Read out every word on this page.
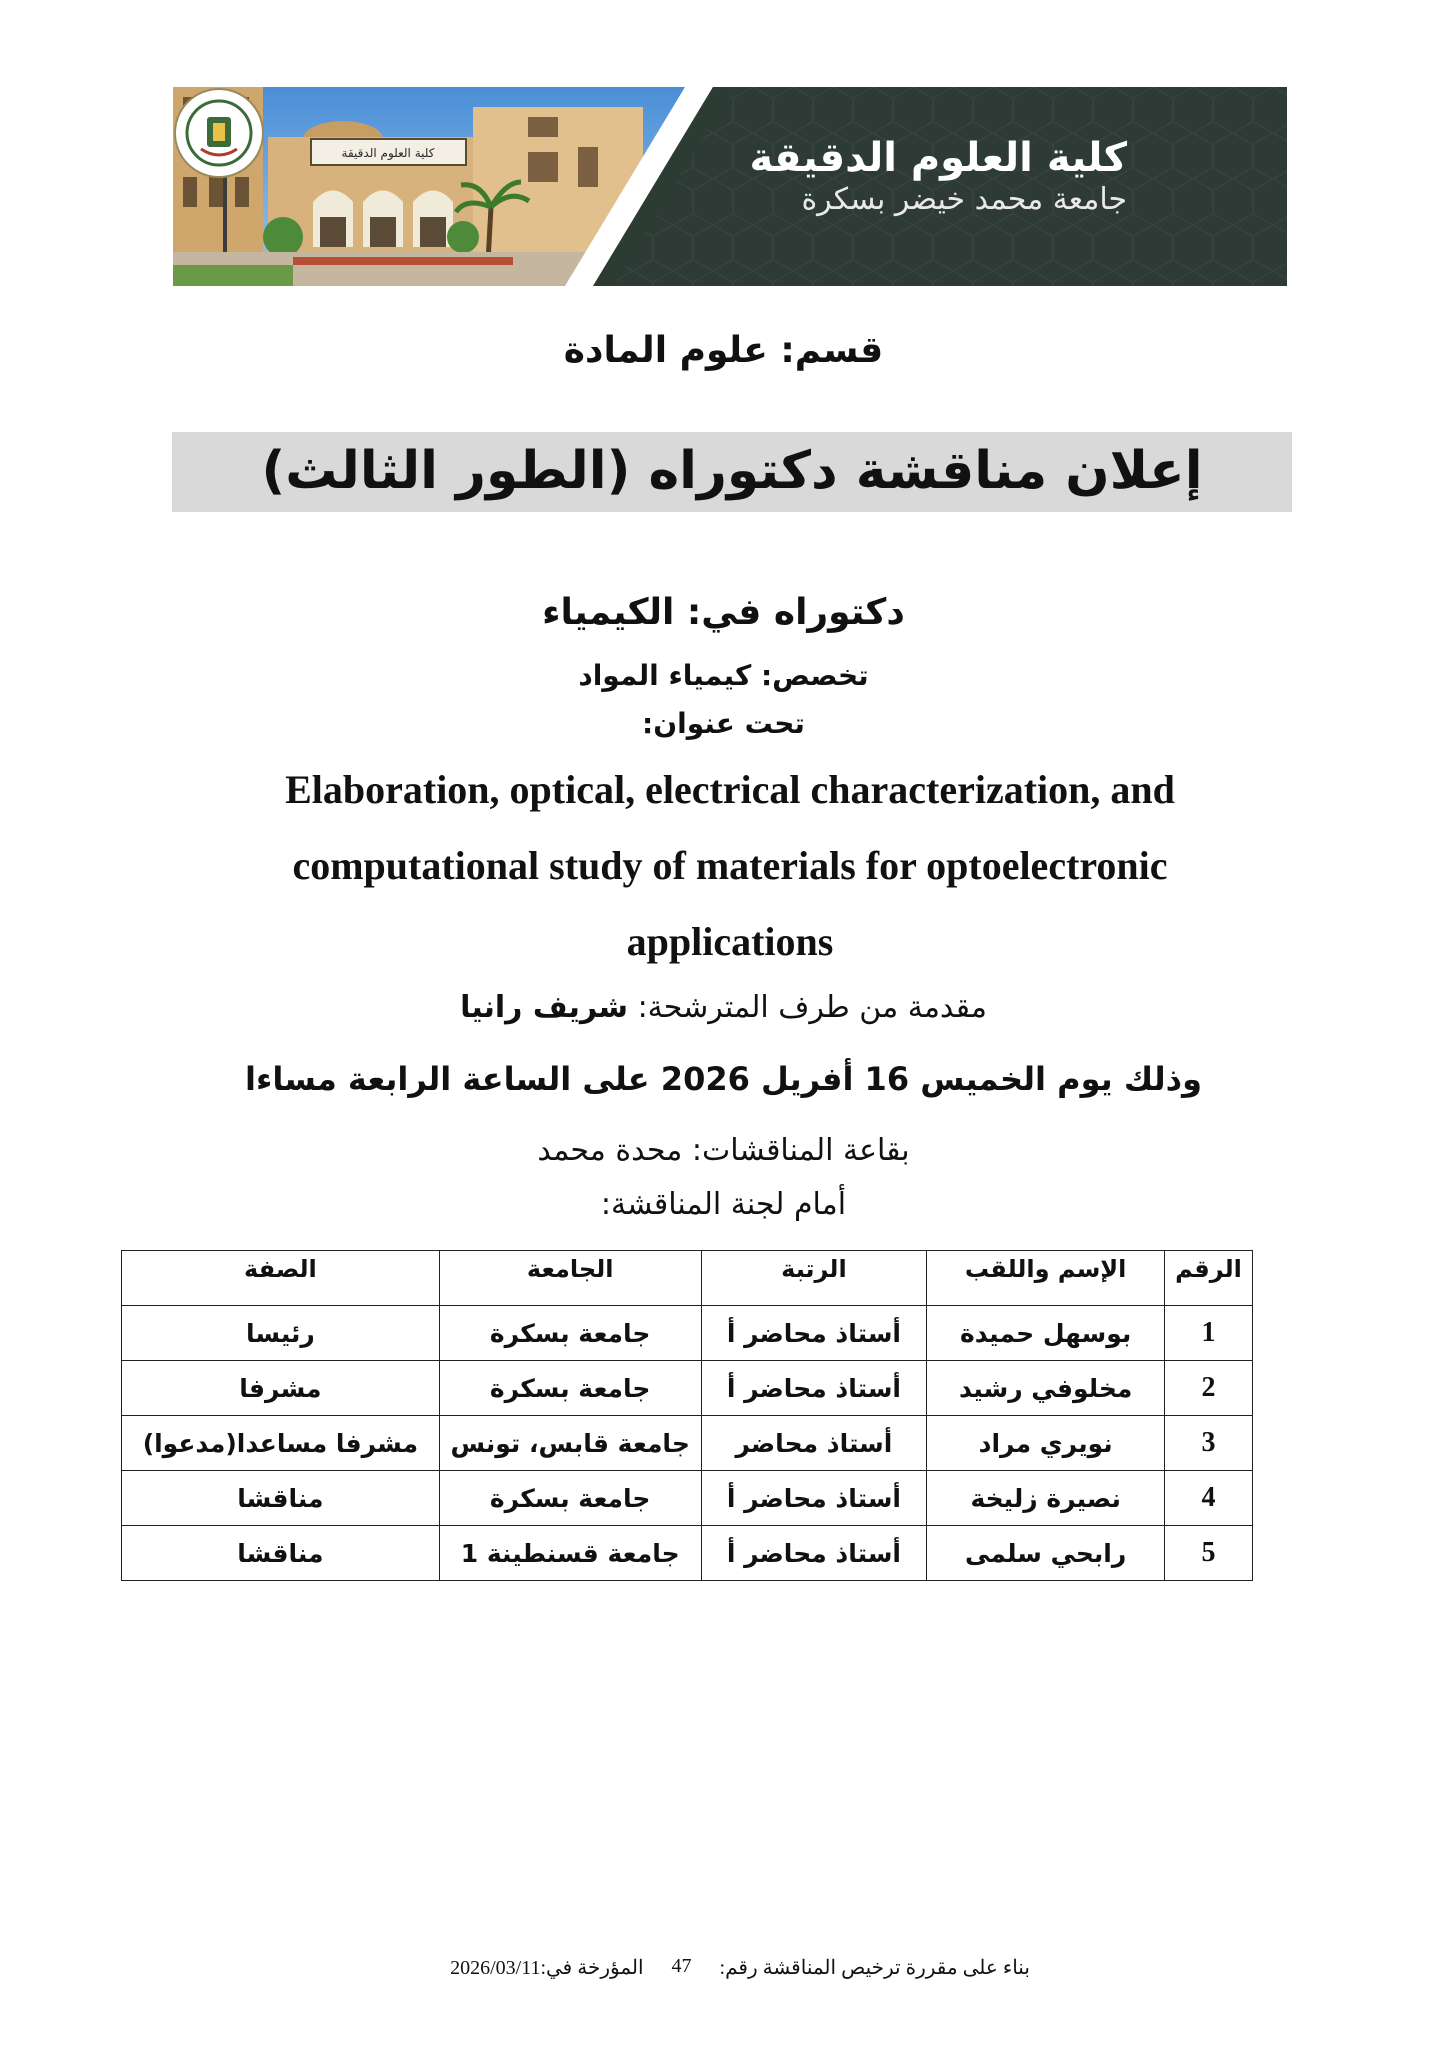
كلية العلوم الدقيقة	كلية العلوم الدقيقة
جامعة محمد خيضر بسكرة
قسم: علوم المادة
إعلان مناقشة دكتوراه (الطور الثالث)
دكتوراه في: الكيمياء
تخصص: كيمياء المواد
تحت عنوان:
Elaboration, optical, electrical characterization, and computational study of materials for optoelectronic applications
مقدمة من طرف المترشحة: شريف رانيا
وذلك يوم الخميس 16 أفريل 2026 على الساعة الرابعة مساءا
بقاعة المناقشات: محدة محمد
أمام لجنة المناقشة:
الرقم	الإسم واللقب	الرتبة	الجامعة	الصفة
1	بوسهل حميدة	أستاذ محاضر أ	جامعة بسكرة	رئيسا
2	مخلوفي رشيد	أستاذ محاضر أ	جامعة بسكرة	مشرفا
3	نويري مراد	أستاذ محاضر	جامعة قابس، تونس	مشرفا مساعدا(مدعوا)
4	نصيرة زليخة	أستاذ محاضر أ	جامعة بسكرة	مناقشا
5	رابحي سلمى	أستاذ محاضر أ	جامعة قسنطينة 1	مناقشا
بناء على مقررة ترخيص المناقشة رقم:
47
المؤرخة في:2026/03/11
